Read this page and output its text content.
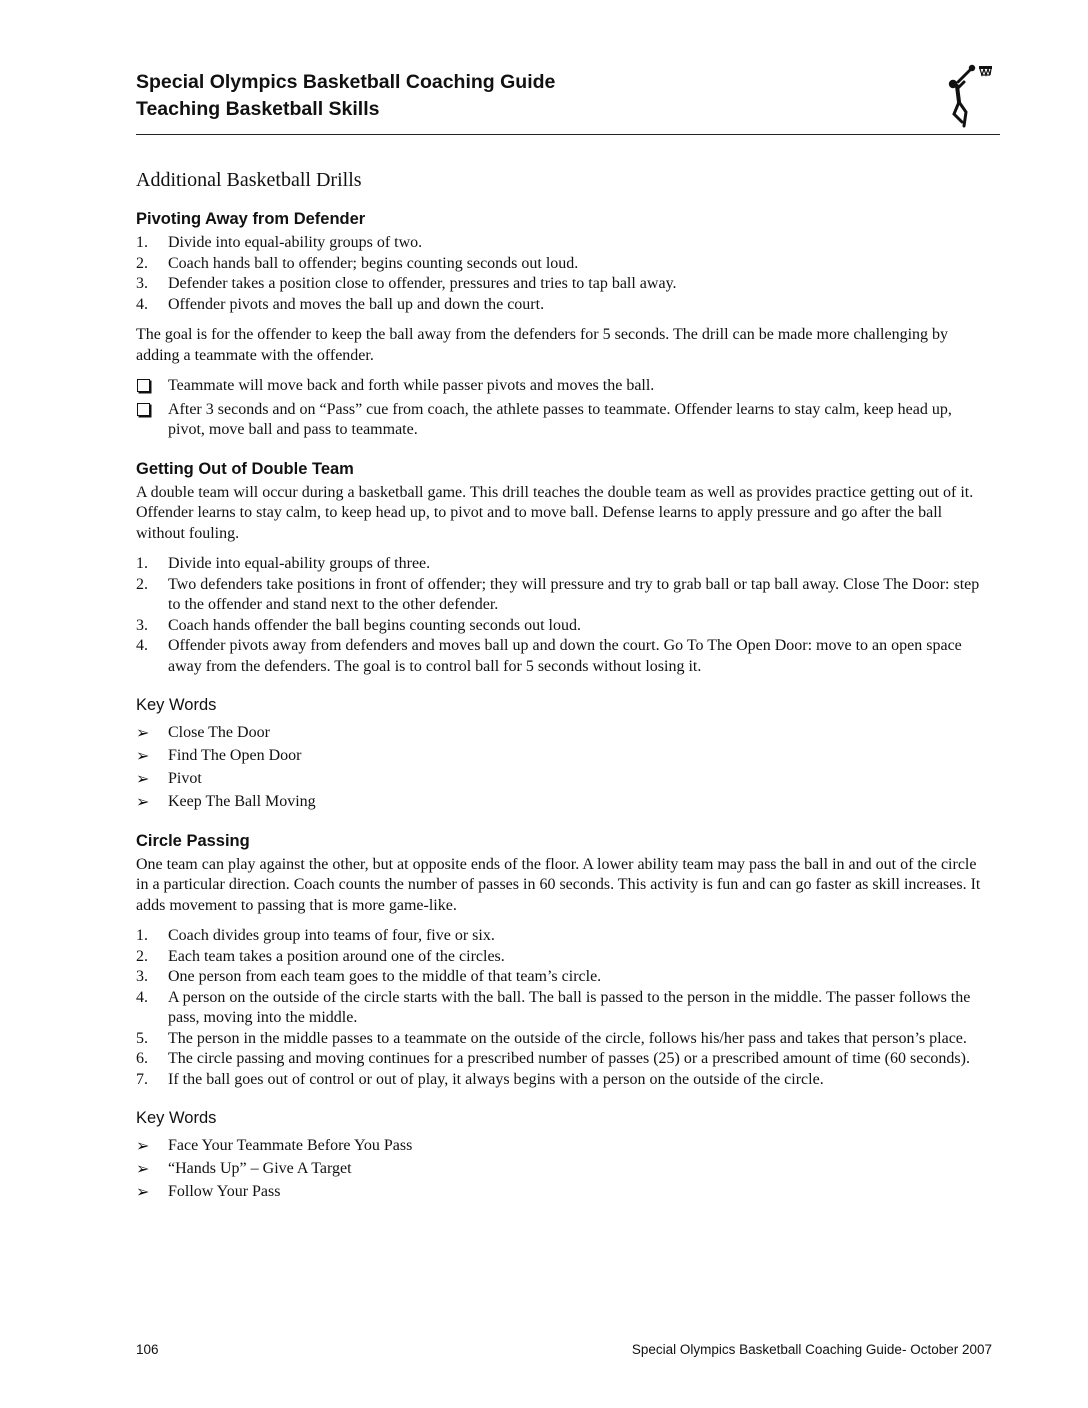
Special Olympics Basketball Coaching Guide
Teaching Basketball Skills
Additional Basketball Drills
Pivoting Away from Defender
1. Divide into equal-ability groups of two.
2. Coach hands ball to offender; begins counting seconds out loud.
3. Defender takes a position close to offender, pressures and tries to tap ball away.
4. Offender pivots and moves the ball up and down the court.

The goal is for the offender to keep the ball away from the defenders for 5 seconds. The drill can be made more challenging by adding a teammate with the offender.

Teammate will move back and forth while passer pivots and moves the ball.
After 3 seconds and on “Pass” cue from coach, the athlete passes to teammate. Offender learns to stay calm, keep head up, pivot, move ball and pass to teammate.
Getting Out of Double Team

A double team will occur during a basketball game. This drill teaches the double team as well as provides practice getting out of it. Offender learns to stay calm, to keep head up, to pivot and to move ball. Defense learns to apply pressure and go after the ball without fouling.

1. Divide into equal-ability groups of three.
2. Two defenders take positions in front of offender; they will pressure and try to grab ball or tap ball away. Close The Door: step to the offender and stand next to the other defender.
3. Coach hands offender the ball begins counting seconds out loud.
4. Offender pivots away from defenders and moves ball up and down the court. Go To The Open Door: move to an open space away from the defenders. The goal is to control ball for 5 seconds without losing it.
Key Words
➢ Close The Door
➢ Find The Open Door
➢ Pivot
➢ Keep The Ball Moving
Circle Passing

One team can play against the other, but at opposite ends of the floor. A lower ability team may pass the ball in and out of the circle in a particular direction. Coach counts the number of passes in 60 seconds. This activity is fun and can go faster as skill increases. It adds movement to passing that is more game-like.

1. Coach divides group into teams of four, five or six.
2. Each team takes a position around one of the circles.
3. One person from each team goes to the middle of that team’s circle.
4. A person on the outside of the circle starts with the ball. The ball is passed to the person in the middle. The passer follows the pass, moving into the middle.
5. The person in the middle passes to a teammate on the outside of the circle, follows his/her pass and takes that person’s place.
6. The circle passing and moving continues for a prescribed number of passes (25) or a prescribed amount of time (60 seconds).
7. If the ball goes out of control or out of play, it always begins with a person on the outside of the circle.
Key Words
➢ Face Your Teammate Before You Pass
➢ “Hands Up” – Give A Target
➢ Follow Your Pass
106	Special Olympics Basketball Coaching Guide- October 2007
